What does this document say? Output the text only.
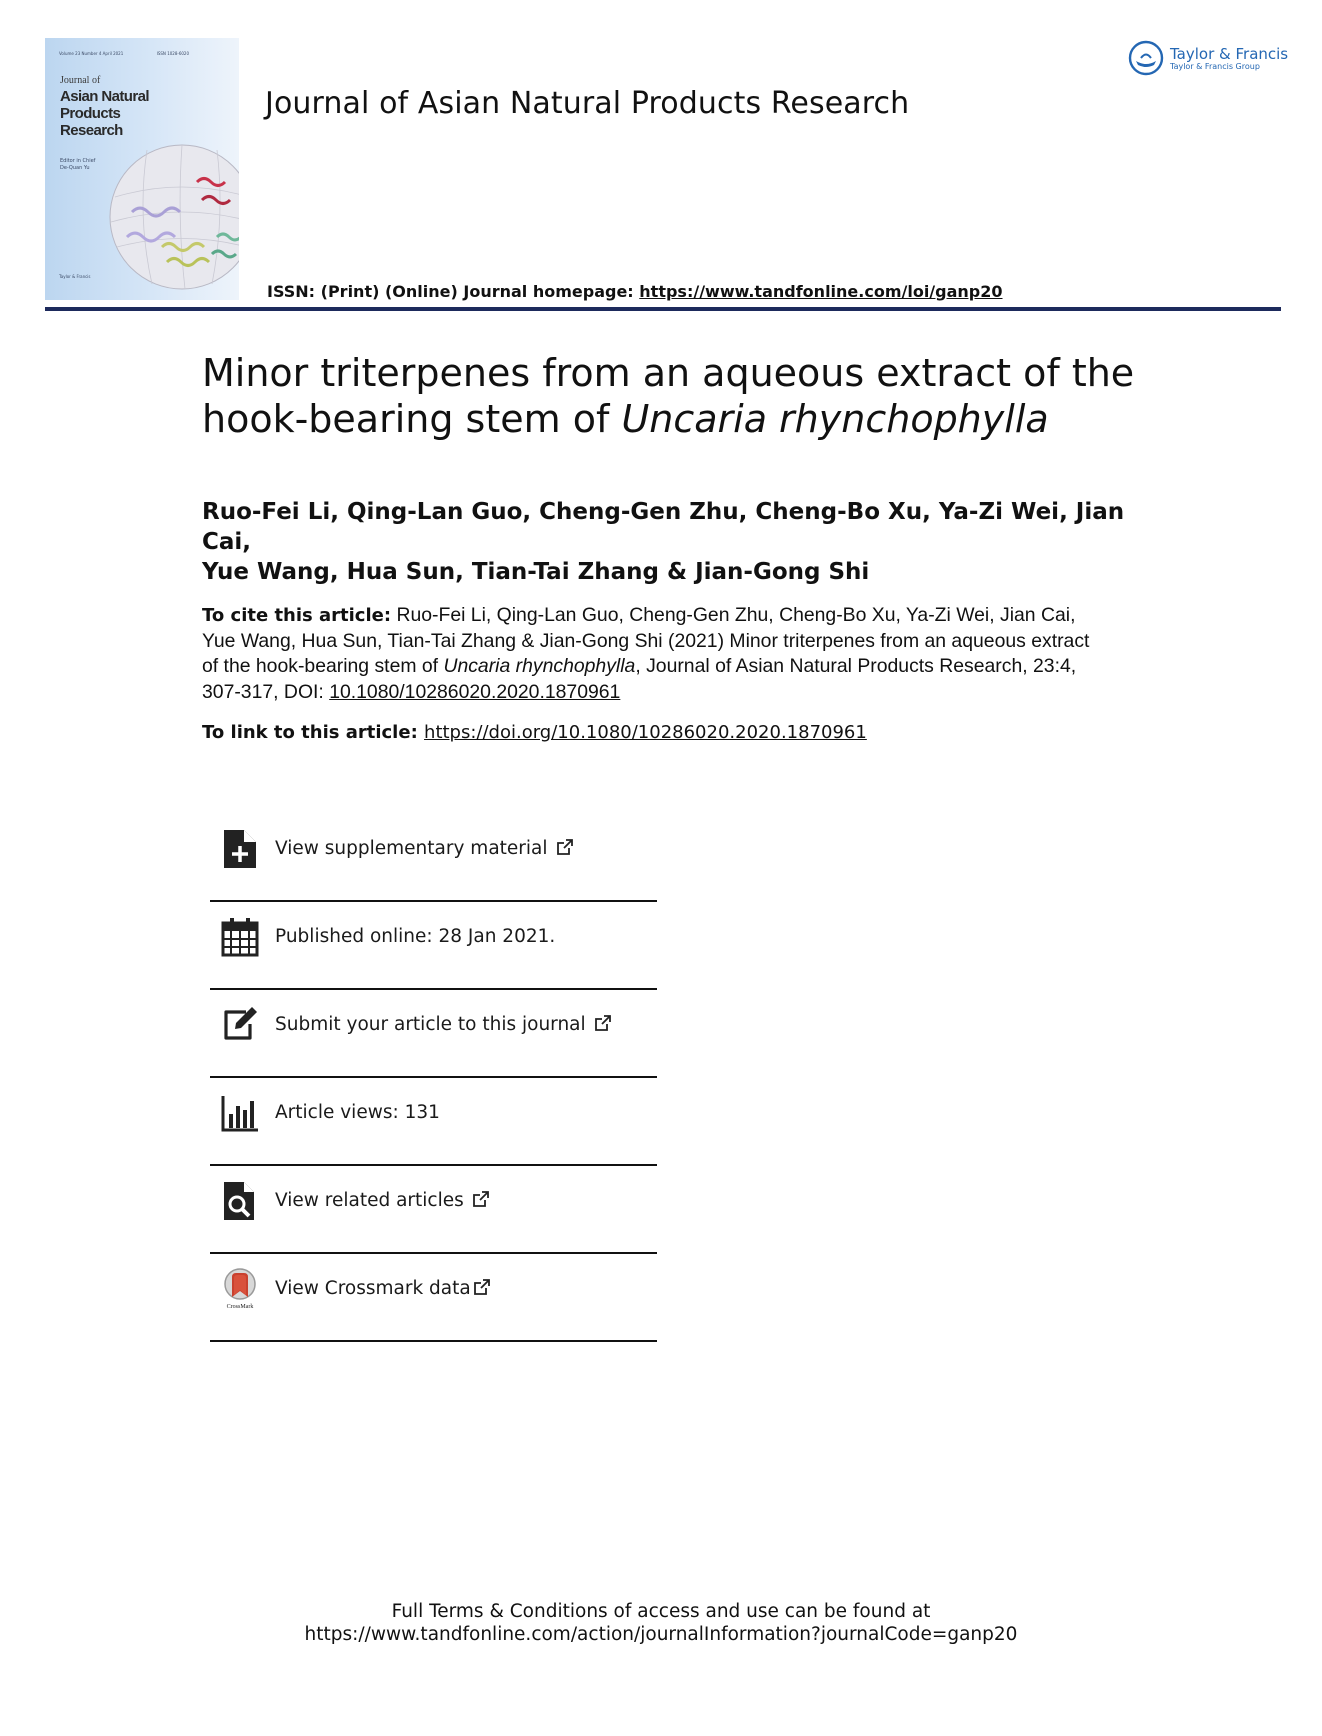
Volume 23 Number 4 April 2021	ISSN 1028-6020
Journal of
Asian Natural Products Research
Editor in Chief
De-Quan Yu
Taylor & Francis
Journal of Asian Natural Products Research
ISSN: (Print) (Online) Journal homepage: https://www.tandfonline.com/loi/ganp20
Taylor & Francis
Taylor & Francis Group
Minor triterpenes from an aqueous extract of the hook-bearing stem of Uncaria rhynchophylla
Ruo-Fei Li, Qing-Lan Guo, Cheng-Gen Zhu, Cheng-Bo Xu, Ya-Zi Wei, Jian Cai,
Yue Wang, Hua Sun, Tian-Tai Zhang & Jian-Gong Shi
To cite this article: Ruo-Fei Li, Qing-Lan Guo, Cheng-Gen Zhu, Cheng-Bo Xu, Ya-Zi Wei, Jian Cai, Yue Wang, Hua Sun, Tian-Tai Zhang & Jian-Gong Shi (2021) Minor triterpenes from an aqueous extract of the hook-bearing stem of Uncaria rhynchophylla, Journal of Asian Natural Products Research, 23:4, 307-317, DOI: 10.1080/10286020.2020.1870961
To link to this article: https://doi.org/10.1080/10286020.2020.1870961
View supplementary material
Published online: 28 Jan 2021.
Submit your article to this journal
Article views: 131
View related articles
CrossMark
View Crossmark data
Full Terms & Conditions of access and use can be found at
https://www.tandfonline.com/action/journalInformation?journalCode=ganp20
